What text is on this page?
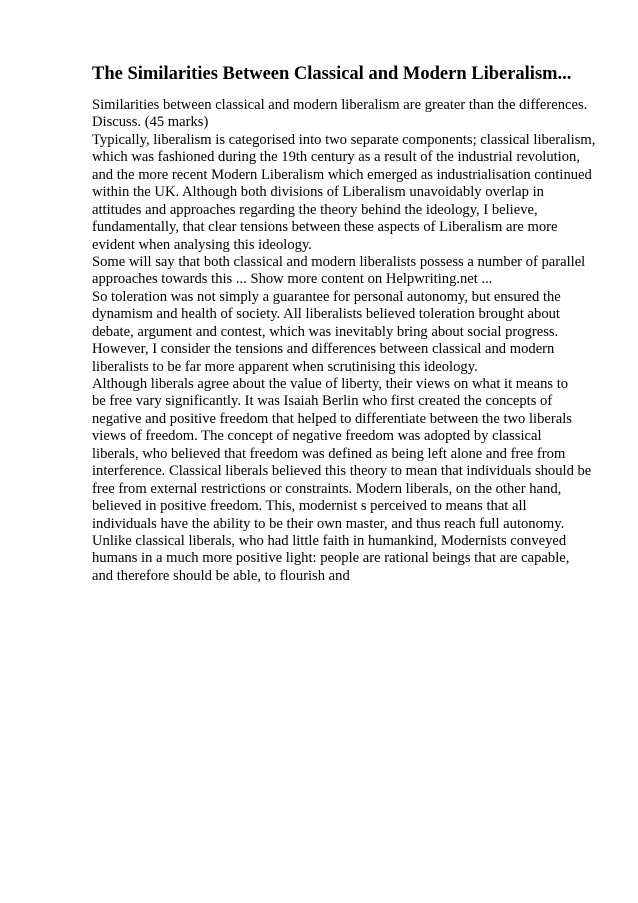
The Similarities Between Classical and Modern Liberalism...
Similarities between classical and modern liberalism are greater than the differences.
Discuss. (45 marks)
Typically, liberalism is categorised into two separate components; classical liberalism,
which was fashioned during the 19th century as a result of the industrial revolution,
and the more recent Modern Liberalism which emerged as industrialisation continued
within the UK. Although both divisions of Liberalism unavoidably overlap in
attitudes and approaches regarding the theory behind the ideology, I believe,
fundamentally, that clear tensions between these aspects of Liberalism are more
evident when analysing this ideology.
Some will say that both classical and modern liberalists possess a number of parallel
approaches towards this ... Show more content on Helpwriting.net ...
So toleration was not simply a guarantee for personal autonomy, but ensured the
dynamism and health of society. All liberalists believed toleration brought about
debate, argument and contest, which was inevitably bring about social progress.
However, I consider the tensions and differences between classical and modern
liberalists to be far more apparent when scrutinising this ideology.
Although liberals agree about the value of liberty, their views on what it means to
be free vary significantly. It was Isaiah Berlin who first created the concepts of
negative and positive freedom that helped to differentiate between the two liberals
views of freedom. The concept of negative freedom was adopted by classical
liberals, who believed that freedom was defined as being left alone and free from
interference. Classical liberals believed this theory to mean that individuals should be
free from external restrictions or constraints. Modern liberals, on the other hand,
believed in positive freedom. This, modernist s perceived to means that all
individuals have the ability to be their own master, and thus reach full autonomy.
Unlike classical liberals, who had little faith in humankind, Modernists conveyed
humans in a much more positive light: people are rational beings that are capable,
and therefore should be able, to flourish and
